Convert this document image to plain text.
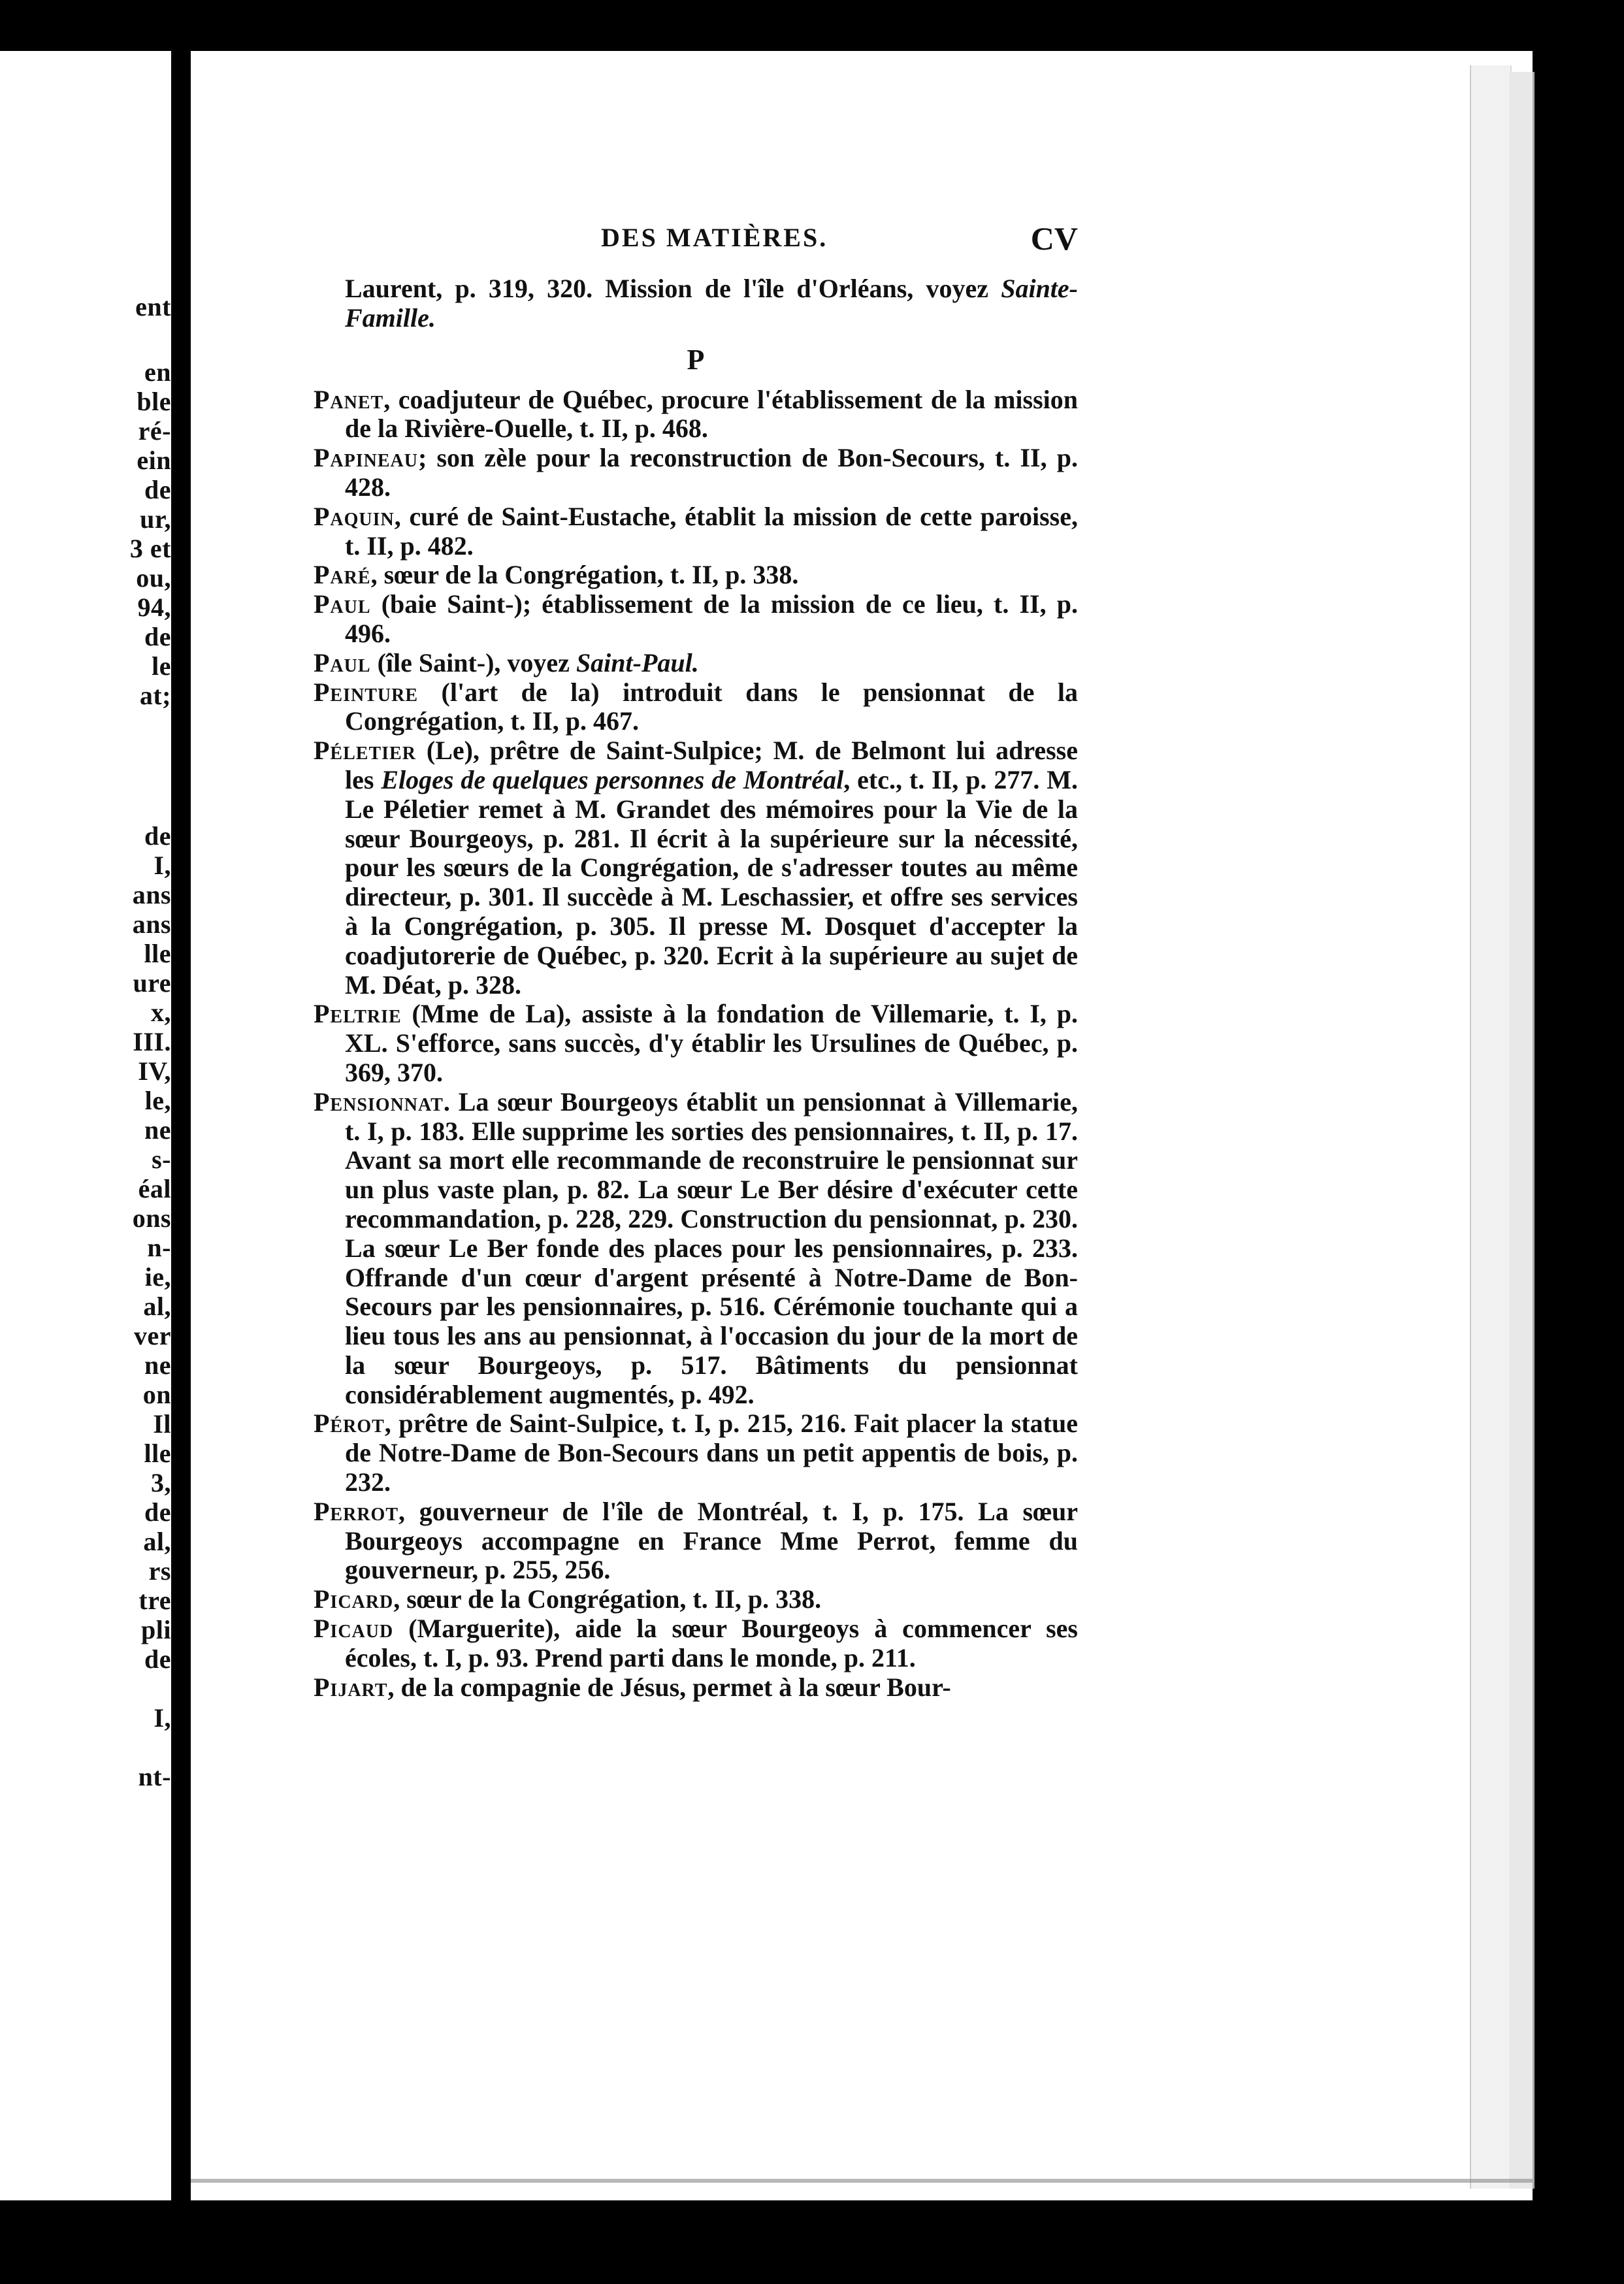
ent
en
ble
ré-
ein
de
ur,
3 et
ou,
94,
de
le
at;
de
I,
ans
ans
lle
ure
x,
III.
IV,
le,
ne
s-
éal
ons
n-
ie,
al,
ver
ne
on
Il
lle
3,
de
al,
rs
tre
pli
de
I,
nt-
DES MATIÈRES.	CV

Laurent, p. 319, 320. Mission de l'île d'Orléans, voyez Sainte-Famille.

P

Panet, coadjuteur de Québec, procure l'établissement de la mission de la Rivière-Ouelle, t. II, p. 468.

Papineau; son zèle pour la reconstruction de Bon-Secours, t. II, p. 428.

Paquin, curé de Saint-Eustache, établit la mission de cette paroisse, t. II, p. 482.

Paré, sœur de la Congrégation, t. II, p. 338.

Paul (baie Saint-); établissement de la mission de ce lieu, t. II, p. 496.

Paul (île Saint-), voyez Saint-Paul.

Peinture (l'art de la) introduit dans le pensionnat de la Congrégation, t. II, p. 467.

Péletier (Le), prêtre de Saint-Sulpice; M. de Belmont lui adresse les Eloges de quelques personnes de Montréal, etc., t. II, p. 277. M. Le Péletier remet à M. Grandet des mémoires pour la Vie de la sœur Bourgeoys, p. 281. Il écrit à la supérieure sur la nécessité, pour les sœurs de la Congrégation, de s'adresser toutes au même directeur, p. 301. Il succède à M. Leschassier, et offre ses services à la Congrégation, p. 305. Il presse M. Dosquet d'accepter la coadjutorerie de Québec, p. 320. Ecrit à la supérieure au sujet de M. Déat, p. 328.

Peltrie (Mme de La), assiste à la fondation de Villemarie, t. I, p. XL. S'efforce, sans succès, d'y établir les Ursulines de Québec, p. 369, 370.

Pensionnat. La sœur Bourgeoys établit un pensionnat à Villemarie, t. I, p. 183. Elle supprime les sorties des pensionnaires, t. II, p. 17. Avant sa mort elle recommande de reconstruire le pensionnat sur un plus vaste plan, p. 82. La sœur Le Ber désire d'exécuter cette recommandation, p. 228, 229. Construction du pensionnat, p. 230. La sœur Le Ber fonde des places pour les pensionnaires, p. 233. Offrande d'un cœur d'argent présenté à Notre-Dame de Bon-Secours par les pensionnaires, p. 516. Cérémonie touchante qui a lieu tous les ans au pensionnat, à l'occasion du jour de la mort de la sœur Bourgeoys, p. 517. Bâtiments du pensionnat considérablement augmentés, p. 492.

Pérot, prêtre de Saint-Sulpice, t. I, p. 215, 216. Fait placer la statue de Notre-Dame de Bon-Secours dans un petit appentis de bois, p. 232.

Perrot, gouverneur de l'île de Montréal, t. I, p. 175. La sœur Bourgeoys accompagne en France Mme Perrot, femme du gouverneur, p. 255, 256.

Picard, sœur de la Congrégation, t. II, p. 338.

Picaud (Marguerite), aide la sœur Bourgeoys à commencer ses écoles, t. I, p. 93. Prend parti dans le monde, p. 211.

Pijart, de la compagnie de Jésus, permet à la sœur Bour-
